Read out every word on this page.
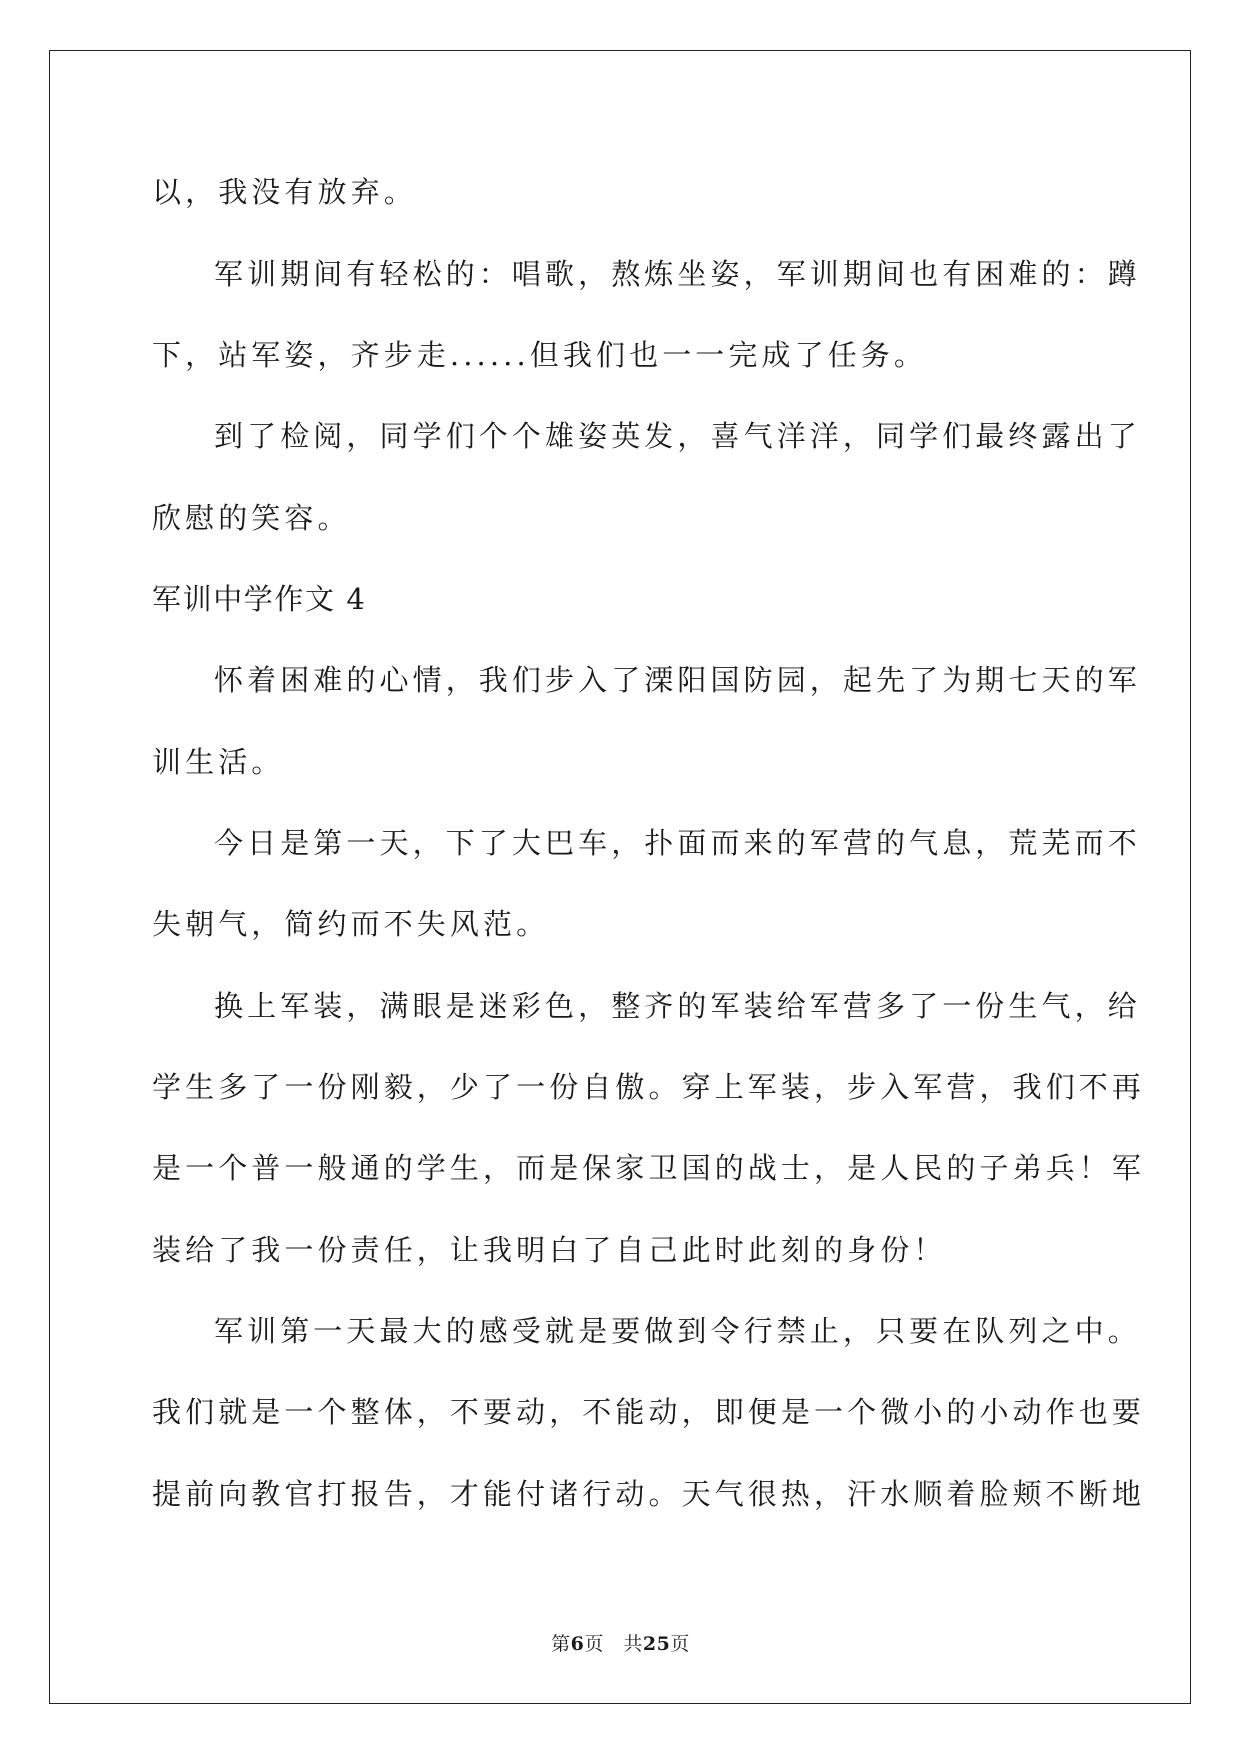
以，我没有放弃。
军训期间有轻松的：唱歌，熬炼坐姿，军训期间也有困难的：蹲
下，站军姿，齐步走......但我们也一一完成了任务。
到了检阅，同学们个个雄姿英发，喜气洋洋，同学们最终露出了
欣慰的笑容。
军训中学作文 4
怀着困难的心情，我们步入了溧阳国防园，起先了为期七天的军
训生活。
今日是第一天，下了大巴车，扑面而来的军营的气息，荒芜而不
失朝气，简约而不失风范。
换上军装，满眼是迷彩色，整齐的军装给军营多了一份生气，给
学生多了一份刚毅，少了一份自傲。穿上军装，步入军营，我们不再
是一个普一般通的学生，而是保家卫国的战士，是人民的子弟兵！军
装给了我一份责任，让我明白了自己此时此刻的身份！
军训第一天最大的感受就是要做到令行禁止，只要在队列之中。
我们就是一个整体，不要动，不能动，即便是一个微小的小动作也要
提前向教官打报告，才能付诸行动。天气很热，汗水顺着脸颊不断地
第6页　共25页
